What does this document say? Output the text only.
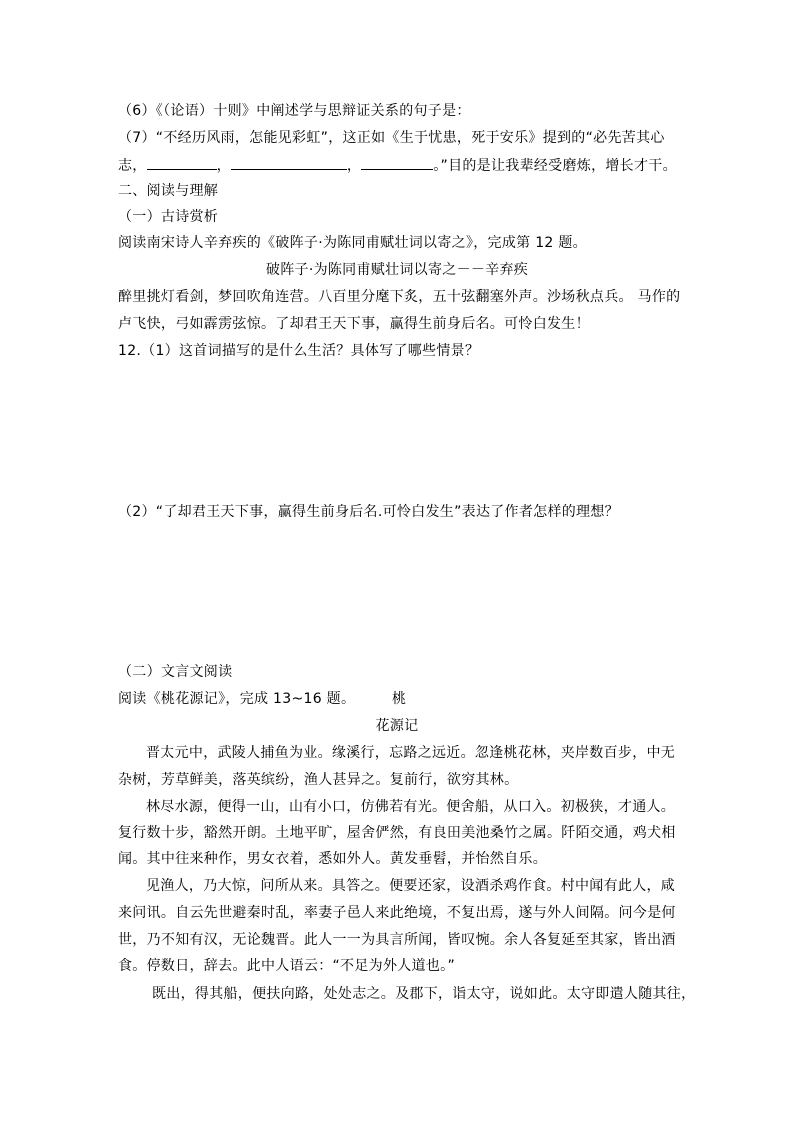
（6）《（论语）十则》中阐述学与思辩证关系的句子是：
（7）“不经历风雨，怎能见彩虹”，这正如《生于忧患，死于安乐》提到的“必先苦其心
志，	，	，	。”目的是让我辈经受磨炼，增长才干。
二、阅读与理解
（一）古诗赏析
阅读南宋诗人辛弃疾的《破阵子·为陈同甫赋壮词以寄之》，完成第 12 题。
破阵子·为陈同甫赋壮词以寄之－－辛弃疾
醉里挑灯看剑，梦回吹角连营。八百里分麾下炙，五十弦翻塞外声。沙场秋点兵。 马作的
卢飞快，弓如霹雳弦惊。了却君王天下事，赢得生前身后名。可怜白发生！
12.（1）这首词描写的是什么生活？具体写了哪些情景？
（2）“了却君王天下事，赢得生前身后名.可怜白发生”表达了作者怎样的理想？
（二）文言文阅读
阅读《桃花源记》，完成 13~16 题。	桃
花源记
晋太元中，武陵人捕鱼为业。缘溪行，忘路之远近。忽逢桃花林，夹岸数百步，中无
杂树，芳草鲜美，落英缤纷，渔人甚异之。复前行，欲穷其林。
林尽水源，便得一山，山有小口，仿佛若有光。便舍船，从口入。初极狭，才通人。
复行数十步，豁然开朗。土地平旷，屋舍俨然，有良田美池桑竹之属。阡陌交通，鸡犬相
闻。其中往来种作，男女衣着，悉如外人。黄发垂髫，并怡然自乐。
见渔人，乃大惊，问所从来。具答之。便要还家，设酒杀鸡作食。村中闻有此人，咸
来问讯。自云先世避秦时乱，率妻子邑人来此绝境，不复出焉，遂与外人间隔。问今是何
世，乃不知有汉，无论魏晋。此人一一为具言所闻，皆叹惋。余人各复延至其家，皆出酒
食。停数日，辞去。此中人语云：“不足为外人道也。”
既出，得其船，便扶向路，处处志之。及郡下，诣太守，说如此。太守即遣人随其往，
